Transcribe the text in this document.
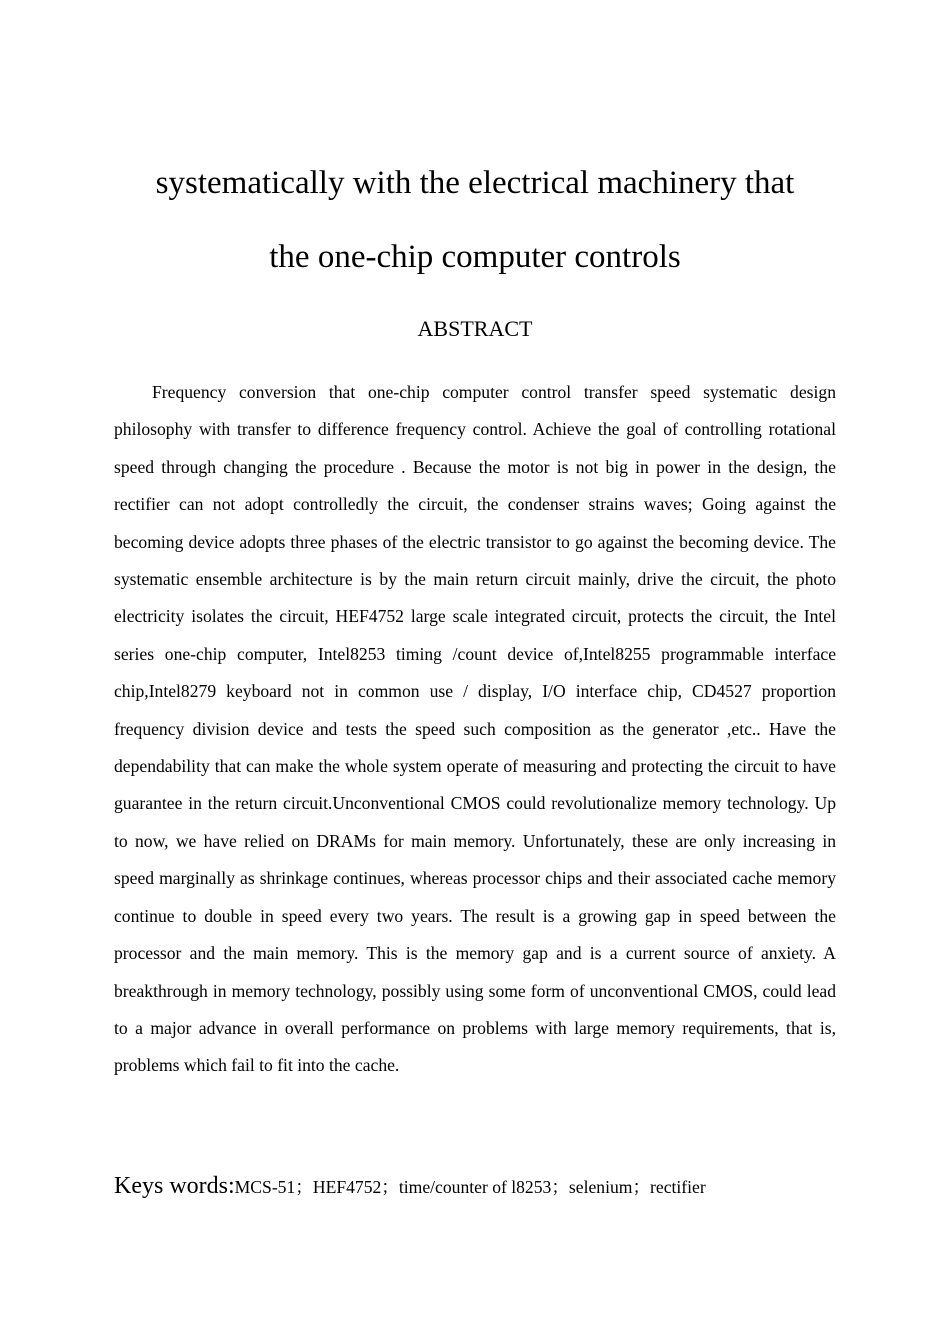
systematically with the electrical machinery that
the one-chip computer controls
ABSTRACT

Frequency conversion that one-chip computer control transfer speed systematic design philosophy with transfer to difference frequency control. Achieve the goal of controlling rotational speed through changing the procedure . Because the motor is not big in power in the design, the rectifier can not adopt controlledly the circuit, the condenser strains waves; Going against the becoming device adopts three phases of the electric transistor to go against the becoming device. The systematic ensemble architecture is by the main return circuit mainly, drive the circuit, the photo electricity isolates the circuit, HEF4752 large scale integrated circuit, protects the circuit, the Intel series one-chip computer, Intel8253 timing /count device of,Intel8255 programmable interface chip,Intel8279 keyboard not in common use / display, I/O interface chip, CD4527 proportion frequency division device and tests the speed such composition as the generator ,etc.. Have the dependability that can make the whole system operate of measuring and protecting the circuit to have guarantee in the return circuit.Unconventional CMOS could revolutionalize memory technology. Up to now, we have relied on DRAMs for main memory. Unfortunately, these are only increasing in speed marginally as shrinkage continues, whereas processor chips and their associated cache memory continue to double in speed every two years. The result is a growing gap in speed between the processor and the main memory. This is the memory gap and is a current source of anxiety. A breakthrough in memory technology, possibly using some form of unconventional CMOS, could lead to a major advance in overall performance on problems with large memory requirements, that is, problems which fail to fit into the cache.

Keys words:MCS-51；HEF4752；time/counter of l8253；selenium；rectifier
